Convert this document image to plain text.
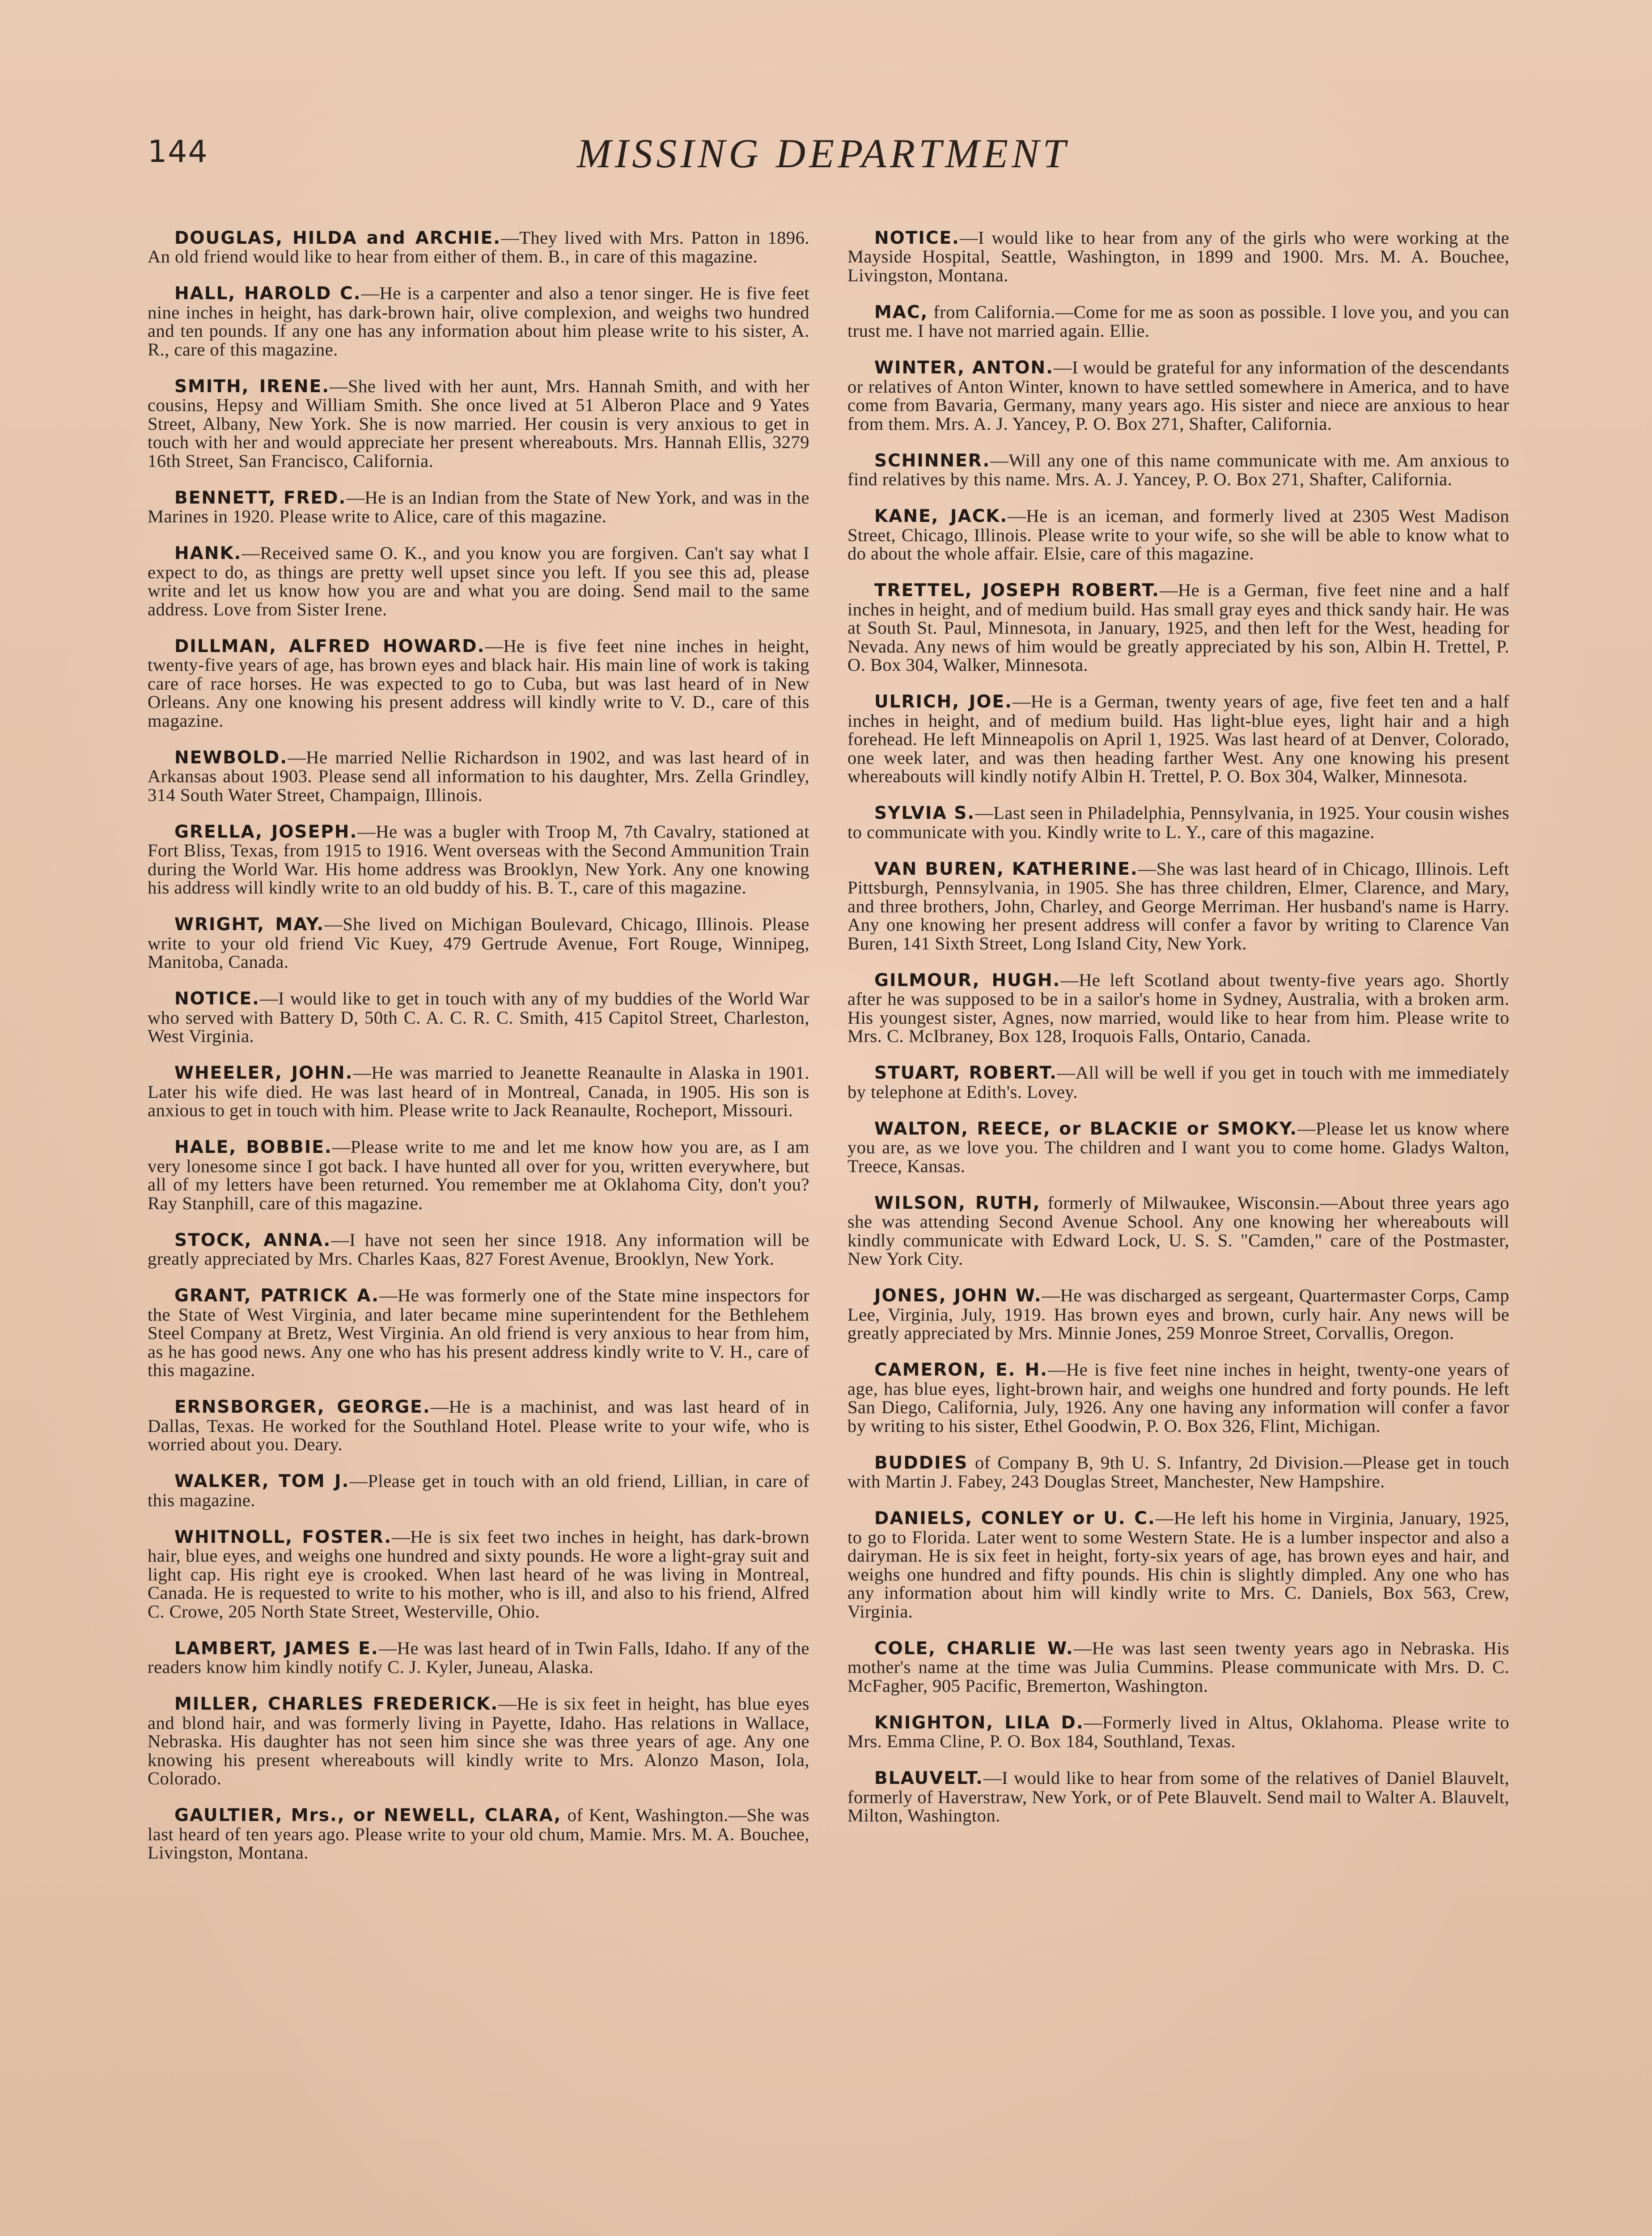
144	MISSING DEPARTMENT

DOUGLAS, HILDA and ARCHIE.—They lived with Mrs. Patton in 1896. An old friend would like to hear from either of them. B., in care of this magazine.

HALL, HAROLD C.—He is a carpenter and also a tenor singer. He is five feet nine inches in height, has dark-brown hair, olive complexion, and weighs two hundred and ten pounds. If any one has any information about him please write to his sister, A. R., care of this magazine.

SMITH, IRENE.—She lived with her aunt, Mrs. Hannah Smith, and with her cousins, Hepsy and William Smith. She once lived at 51 Alberon Place and 9 Yates Street, Albany, New York. She is now married. Her cousin is very anxious to get in touch with her and would appreciate her present whereabouts. Mrs. Hannah Ellis, 3279 16th Street, San Francisco, California.

BENNETT, FRED.—He is an Indian from the State of New York, and was in the Marines in 1920. Please write to Alice, care of this magazine.

HANK.—Received same O. K., and you know you are forgiven. Can't say what I expect to do, as things are pretty well upset since you left. If you see this ad, please write and let us know how you are and what you are doing. Send mail to the same address. Love from Sister Irene.

DILLMAN, ALFRED HOWARD.—He is five feet nine inches in height, twenty-five years of age, has brown eyes and black hair. His main line of work is taking care of race horses. He was expected to go to Cuba, but was last heard of in New Orleans. Any one knowing his present address will kindly write to V. D., care of this magazine.

NEWBOLD.—He married Nellie Richardson in 1902, and was last heard of in Arkansas about 1903. Please send all information to his daughter, Mrs. Zella Grindley, 314 South Water Street, Champaign, Illinois.

GRELLA, JOSEPH.—He was a bugler with Troop M, 7th Cavalry, stationed at Fort Bliss, Texas, from 1915 to 1916. Went overseas with the Second Ammunition Train during the World War. His home address was Brooklyn, New York. Any one knowing his address will kindly write to an old buddy of his. B. T., care of this magazine.

WRIGHT, MAY.—She lived on Michigan Boulevard, Chicago, Illinois. Please write to your old friend Vic Kuey, 479 Gertrude Avenue, Fort Rouge, Winnipeg, Manitoba, Canada.

NOTICE.—I would like to get in touch with any of my buddies of the World War who served with Battery D, 50th C. A. C. R. C. Smith, 415 Capitol Street, Charleston, West Virginia.

WHEELER, JOHN.—He was married to Jeanette Reanaulte in Alaska in 1901. Later his wife died. He was last heard of in Montreal, Canada, in 1905. His son is anxious to get in touch with him. Please write to Jack Reanaulte, Rocheport, Missouri.

HALE, BOBBIE.—Please write to me and let me know how you are, as I am very lonesome since I got back. I have hunted all over for you, written everywhere, but all of my letters have been returned. You remember me at Oklahoma City, don't you? Ray Stanphill, care of this magazine.

STOCK, ANNA.—I have not seen her since 1918. Any information will be greatly appreciated by Mrs. Charles Kaas, 827 Forest Avenue, Brooklyn, New York.

GRANT, PATRICK A.—He was formerly one of the State mine inspectors for the State of West Virginia, and later became mine superintendent for the Bethlehem Steel Company at Bretz, West Virginia. An old friend is very anxious to hear from him, as he has good news. Any one who has his present address kindly write to V. H., care of this magazine.

ERNSBORGER, GEORGE.—He is a machinist, and was last heard of in Dallas, Texas. He worked for the Southland Hotel. Please write to your wife, who is worried about you. Deary.

WALKER, TOM J.—Please get in touch with an old friend, Lillian, in care of this magazine.

WHITNOLL, FOSTER.—He is six feet two inches in height, has dark-brown hair, blue eyes, and weighs one hundred and sixty pounds. He wore a light-gray suit and light cap. His right eye is crooked. When last heard of he was living in Montreal, Canada. He is requested to write to his mother, who is ill, and also to his friend, Alfred C. Crowe, 205 North State Street, Westerville, Ohio.

LAMBERT, JAMES E.—He was last heard of in Twin Falls, Idaho. If any of the readers know him kindly notify C. J. Kyler, Juneau, Alaska.

MILLER, CHARLES FREDERICK.—He is six feet in height, has blue eyes and blond hair, and was formerly living in Payette, Idaho. Has relations in Wallace, Nebraska. His daughter has not seen him since she was three years of age. Any one knowing his present whereabouts will kindly write to Mrs. Alonzo Mason, Iola, Colorado.

GAULTIER, Mrs., or NEWELL, CLARA, of Kent, Washington.—She was last heard of ten years ago. Please write to your old chum, Mamie. Mrs. M. A. Bouchee, Livingston, Montana.

NOTICE.—I would like to hear from any of the girls who were working at the Mayside Hospital, Seattle, Washington, in 1899 and 1900. Mrs. M. A. Bouchee, Livingston, Montana.

MAC, from California.—Come for me as soon as possible. I love you, and you can trust me. I have not married again. Ellie.

WINTER, ANTON.—I would be grateful for any information of the descendants or relatives of Anton Winter, known to have settled somewhere in America, and to have come from Bavaria, Germany, many years ago. His sister and niece are anxious to hear from them. Mrs. A. J. Yancey, P. O. Box 271, Shafter, California.

SCHINNER.—Will any one of this name communicate with me. Am anxious to find relatives by this name. Mrs. A. J. Yancey, P. O. Box 271, Shafter, California.

KANE, JACK.—He is an iceman, and formerly lived at 2305 West Madison Street, Chicago, Illinois. Please write to your wife, so she will be able to know what to do about the whole affair. Elsie, care of this magazine.

TRETTEL, JOSEPH ROBERT.—He is a German, five feet nine and a half inches in height, and of medium build. Has small gray eyes and thick sandy hair. He was at South St. Paul, Minnesota, in January, 1925, and then left for the West, heading for Nevada. Any news of him would be greatly appreciated by his son, Albin H. Trettel, P. O. Box 304, Walker, Minnesota.

ULRICH, JOE.—He is a German, twenty years of age, five feet ten and a half inches in height, and of medium build. Has light-blue eyes, light hair and a high forehead. He left Minneapolis on April 1, 1925. Was last heard of at Denver, Colorado, one week later, and was then heading farther West. Any one knowing his present whereabouts will kindly notify Albin H. Trettel, P. O. Box 304, Walker, Minnesota.

SYLVIA S.—Last seen in Philadelphia, Pennsylvania, in 1925. Your cousin wishes to communicate with you. Kindly write to L. Y., care of this magazine.

VAN BUREN, KATHERINE.—She was last heard of in Chicago, Illinois. Left Pittsburgh, Pennsylvania, in 1905. She has three children, Elmer, Clarence, and Mary, and three brothers, John, Charley, and George Merriman. Her husband's name is Harry. Any one knowing her present address will confer a favor by writing to Clarence Van Buren, 141 Sixth Street, Long Island City, New York.

GILMOUR, HUGH.—He left Scotland about twenty-five years ago. Shortly after he was supposed to be in a sailor's home in Sydney, Australia, with a broken arm. His youngest sister, Agnes, now married, would like to hear from him. Please write to Mrs. C. McIbraney, Box 128, Iroquois Falls, Ontario, Canada.

STUART, ROBERT.—All will be well if you get in touch with me immediately by telephone at Edith's. Lovey.

WALTON, REECE, or BLACKIE or SMOKY.—Please let us know where you are, as we love you. The children and I want you to come home. Gladys Walton, Treece, Kansas.

WILSON, RUTH, formerly of Milwaukee, Wisconsin.—About three years ago she was attending Second Avenue School. Any one knowing her whereabouts will kindly communicate with Edward Lock, U. S. S. "Camden," care of the Postmaster, New York City.

JONES, JOHN W.—He was discharged as sergeant, Quartermaster Corps, Camp Lee, Virginia, July, 1919. Has brown eyes and brown, curly hair. Any news will be greatly appreciated by Mrs. Minnie Jones, 259 Monroe Street, Corvallis, Oregon.

CAMERON, E. H.—He is five feet nine inches in height, twenty-one years of age, has blue eyes, light-brown hair, and weighs one hundred and forty pounds. He left San Diego, California, July, 1926. Any one having any information will confer a favor by writing to his sister, Ethel Goodwin, P. O. Box 326, Flint, Michigan.

BUDDIES of Company B, 9th U. S. Infantry, 2d Division.—Please get in touch with Martin J. Fabey, 243 Douglas Street, Manchester, New Hampshire.

DANIELS, CONLEY or U. C.—He left his home in Virginia, January, 1925, to go to Florida. Later went to some Western State. He is a lumber inspector and also a dairyman. He is six feet in height, forty-six years of age, has brown eyes and hair, and weighs one hundred and fifty pounds. His chin is slightly dimpled. Any one who has any information about him will kindly write to Mrs. C. Daniels, Box 563, Crew, Virginia.

COLE, CHARLIE W.—He was last seen twenty years ago in Nebraska. His mother's name at the time was Julia Cummins. Please communicate with Mrs. D. C. McFagher, 905 Pacific, Bremerton, Washington.

KNIGHTON, LILA D.—Formerly lived in Altus, Oklahoma. Please write to Mrs. Emma Cline, P. O. Box 184, Southland, Texas.

BLAUVELT.—I would like to hear from some of the relatives of Daniel Blauvelt, formerly of Haverstraw, New York, or of Pete Blauvelt. Send mail to Walter A. Blauvelt, Milton, Washington.
